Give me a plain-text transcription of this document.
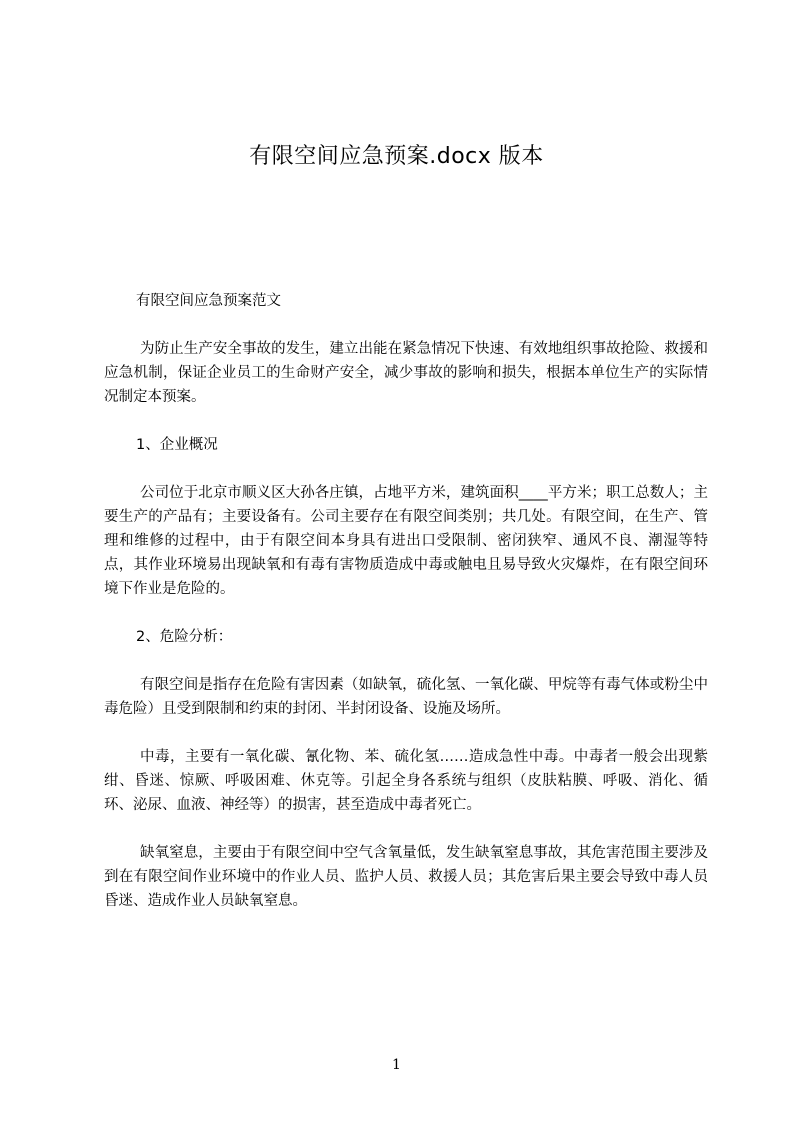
有限空间应急预案.docx 版本

有限空间应急预案范文

为防止生产安全事故的发生，建立出能在紧急情况下快速、有效地组织事故抢险、救援和应急机制，保证企业员工的生命财产安全，减少事故的影响和损失，根据本单位生产的实际情况制定本预案。

1、企业概况

公司位于北京市顺义区大孙各庄镇，占地平方米，建筑面积____平方米；职工总数人；主要生产的产品有；主要设备有。公司主要存在有限空间类别；共几处。有限空间，在生产、管理和维修的过程中，由于有限空间本身具有进出口受限制、密闭狭窄、通风不良、潮湿等特点，其作业环境易出现缺氧和有毒有害物质造成中毒或触电且易导致火灾爆炸，在有限空间环境下作业是危险的。

2、危险分析：

有限空间是指存在危险有害因素（如缺氧，硫化氢、一氧化碳、甲烷等有毒气体或粉尘中毒危险）且受到限制和约束的封闭、半封闭设备、设施及场所。

中毒，主要有一氧化碳、氰化物、苯、硫化氢……造成急性中毒。中毒者一般会出现紫绀、昏迷、惊厥、呼吸困难、休克等。引起全身各系统与组织（皮肤粘膜、呼吸、消化、循环、泌尿、血液、神经等）的损害，甚至造成中毒者死亡。

缺氧窒息，主要由于有限空间中空气含氧量低，发生缺氧窒息事故，其危害范围主要涉及到在有限空间作业环境中的作业人员、监护人员、救援人员；其危害后果主要会导致中毒人员昏迷、造成作业人员缺氧窒息。

1
